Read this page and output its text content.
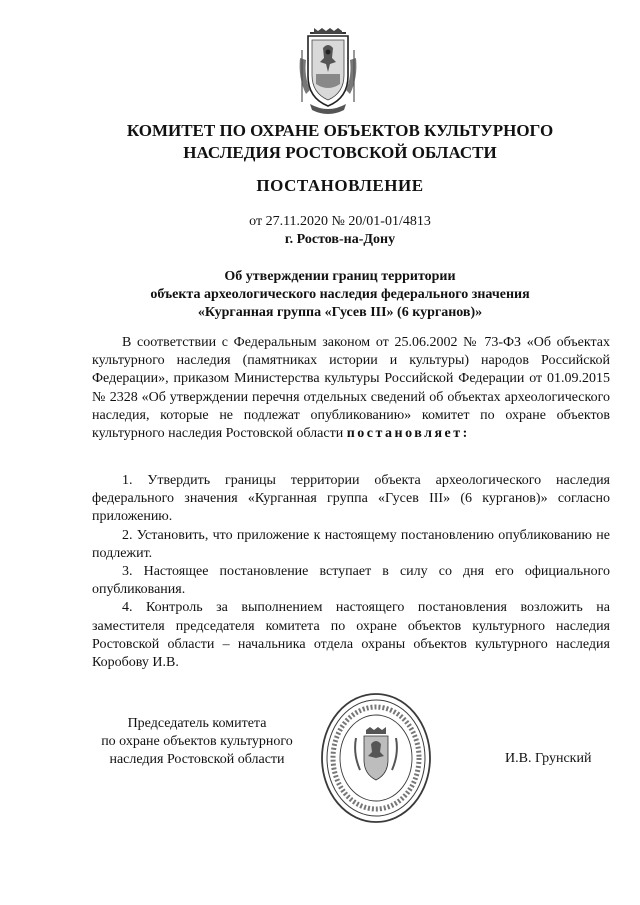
КОМИТЕТ ПО ОХРАНЕ ОБЪЕКТОВ КУЛЬТУРНОГО
НАСЛЕДИЯ РОСТОВСКОЙ ОБЛАСТИ
ПОСТАНОВЛЕНИЕ
от 27.11.2020 № 20/01-01/4813
г. Ростов-на-Дону
Об утверждении границ территории
объекта археологического наследия федерального значения
«Курганная группа «Гусев III» (6 курганов)»
В соответствии с Федеральным законом от 25.06.2002 № 73-ФЗ «Об объектах культурного наследия (памятниках истории и культуры) народов Российской Федерации», приказом Министерства культуры Российской Федерации от 01.09.2015 № 2328 «Об утверждении перечня отдельных сведений об объектах археологического наследия, которые не подлежат опубликованию» комитет по охране объектов культурного наследия Ростовской области постановляет:

1. Утвердить границы территории объекта археологического наследия федерального значения «Курганная группа «Гусев III» (6 курганов)» согласно приложению.

2. Установить, что приложение к настоящему постановлению опубликованию не подлежит.

3. Настоящее постановление вступает в силу со дня его официального опубликования.

4. Контроль за выполнением настоящего постановления возложить на заместителя председателя комитета по охране объектов культурного наследия Ростовской области – начальника отдела охраны объектов культурного наследия Коробову И.В.

Председатель комитета
по охране объектов культурного
наследия Ростовской области	И.В. Грунский
